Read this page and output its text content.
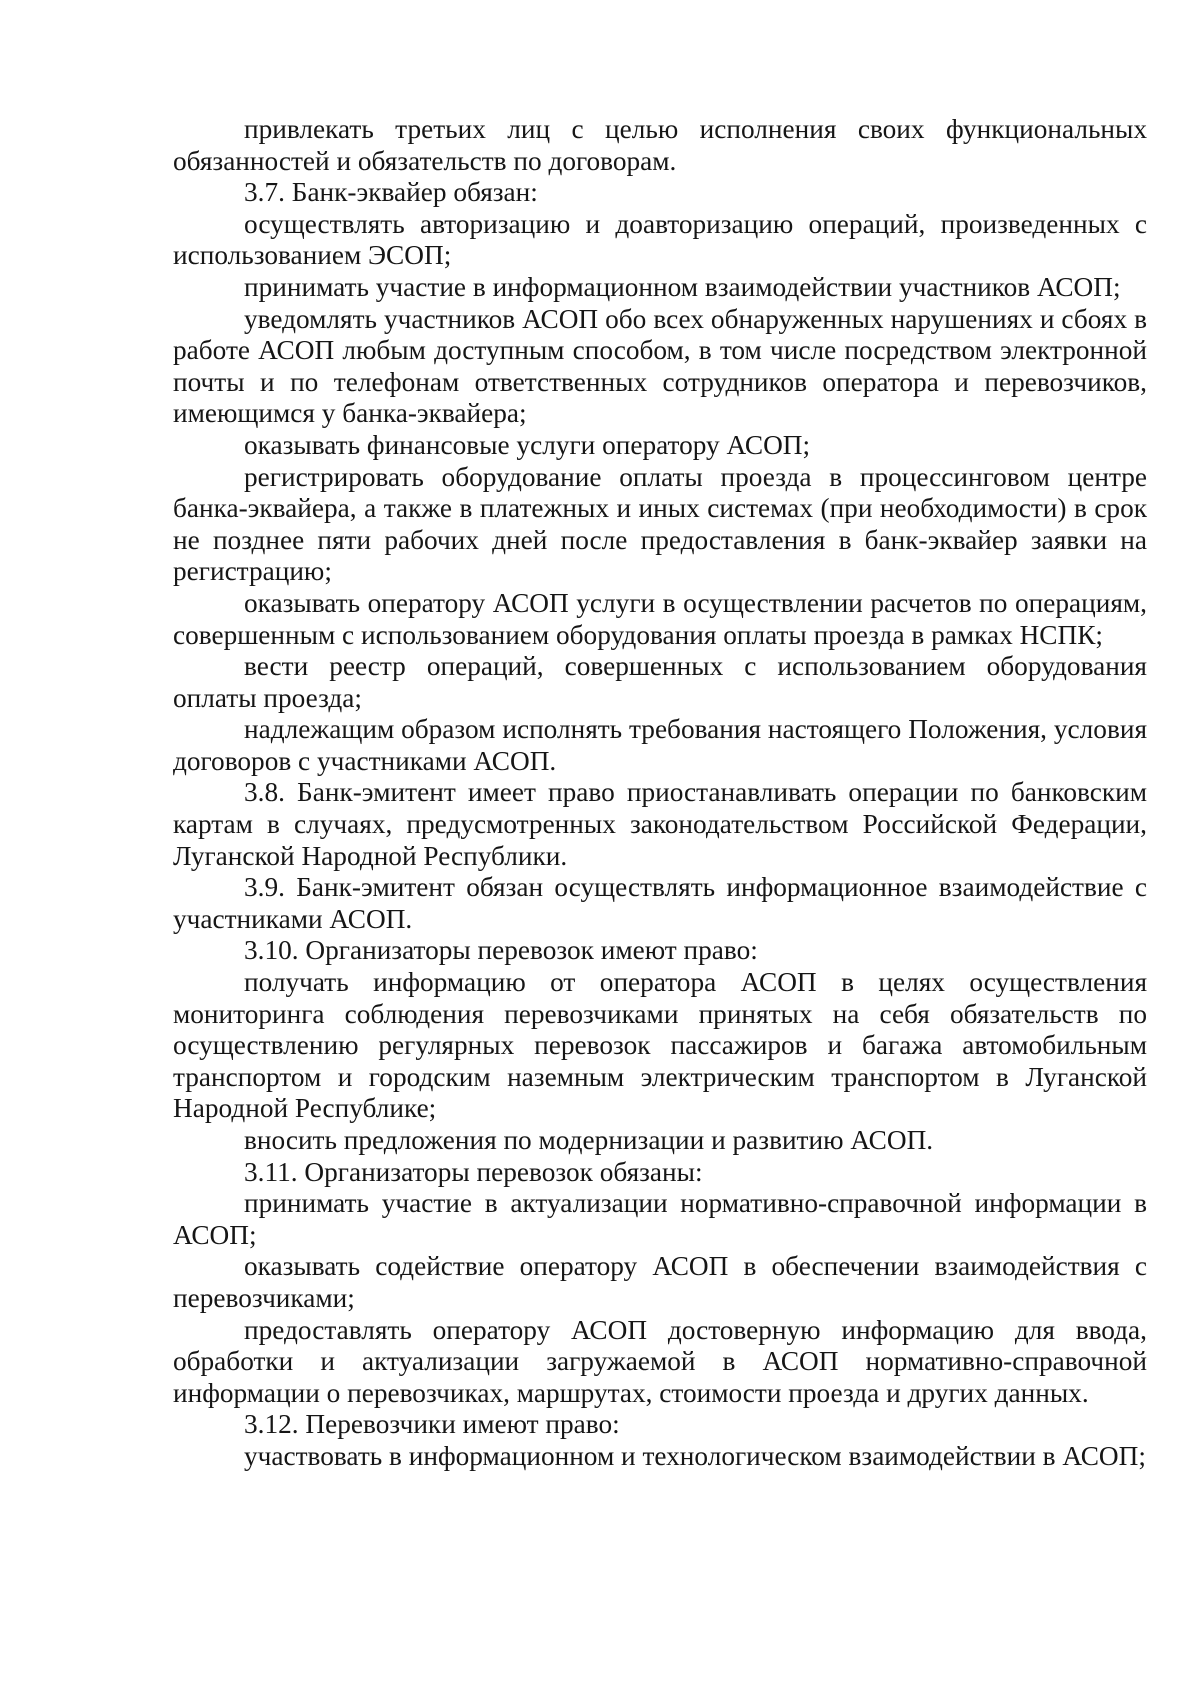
привлекать третьих лиц с целью исполнения своих функциональных обязанностей и обязательств по договорам.

3.7. Банк-эквайер обязан:

осуществлять авторизацию и доавторизацию операций, произведенных с использованием ЭСОП;

принимать участие в информационном взаимодействии участников АСОП;

уведомлять участников АСОП обо всех обнаруженных нарушениях и сбоях в работе АСОП любым доступным способом, в том числе посредством электронной почты и по телефонам ответственных сотрудников оператора и перевозчиков, имеющимся у банка-эквайера;

оказывать финансовые услуги оператору АСОП;

регистрировать оборудование оплаты проезда в процессинговом центре банка-эквайера, а также в платежных и иных системах (при необходимости) в срок не позднее пяти рабочих дней после предоставления в банк-эквайер заявки на регистрацию;

оказывать оператору АСОП услуги в осуществлении расчетов по операциям, совершенным с использованием оборудования оплаты проезда в рамках НСПК;

вести реестр операций, совершенных с использованием оборудования оплаты проезда;

надлежащим образом исполнять требования настоящего Положения, условия договоров с участниками АСОП.

3.8. Банк-эмитент имеет право приостанавливать операции по банковским картам в случаях, предусмотренных законодательством Российской Федерации, Луганской Народной Республики.

3.9. Банк-эмитент обязан осуществлять информационное взаимодействие с участниками АСОП.

3.10. Организаторы перевозок имеют право:

получать информацию от оператора АСОП в целях осуществления мониторинга соблюдения перевозчиками принятых на себя обязательств по осуществлению регулярных перевозок пассажиров и багажа автомобильным транспортом и городским наземным электрическим транспортом в Луганской Народной Республике;

вносить предложения по модернизации и развитию АСОП.

3.11. Организаторы перевозок обязаны:

принимать участие в актуализации нормативно-справочной информации в АСОП;

оказывать содействие оператору АСОП в обеспечении взаимодействия с перевозчиками;

предоставлять оператору АСОП достоверную информацию для ввода, обработки и актуализации загружаемой в АСОП нормативно-справочной информации о перевозчиках, маршрутах, стоимости проезда и других данных.

3.12. Перевозчики имеют право:

участвовать в информационном и технологическом взаимодействии в АСОП;
